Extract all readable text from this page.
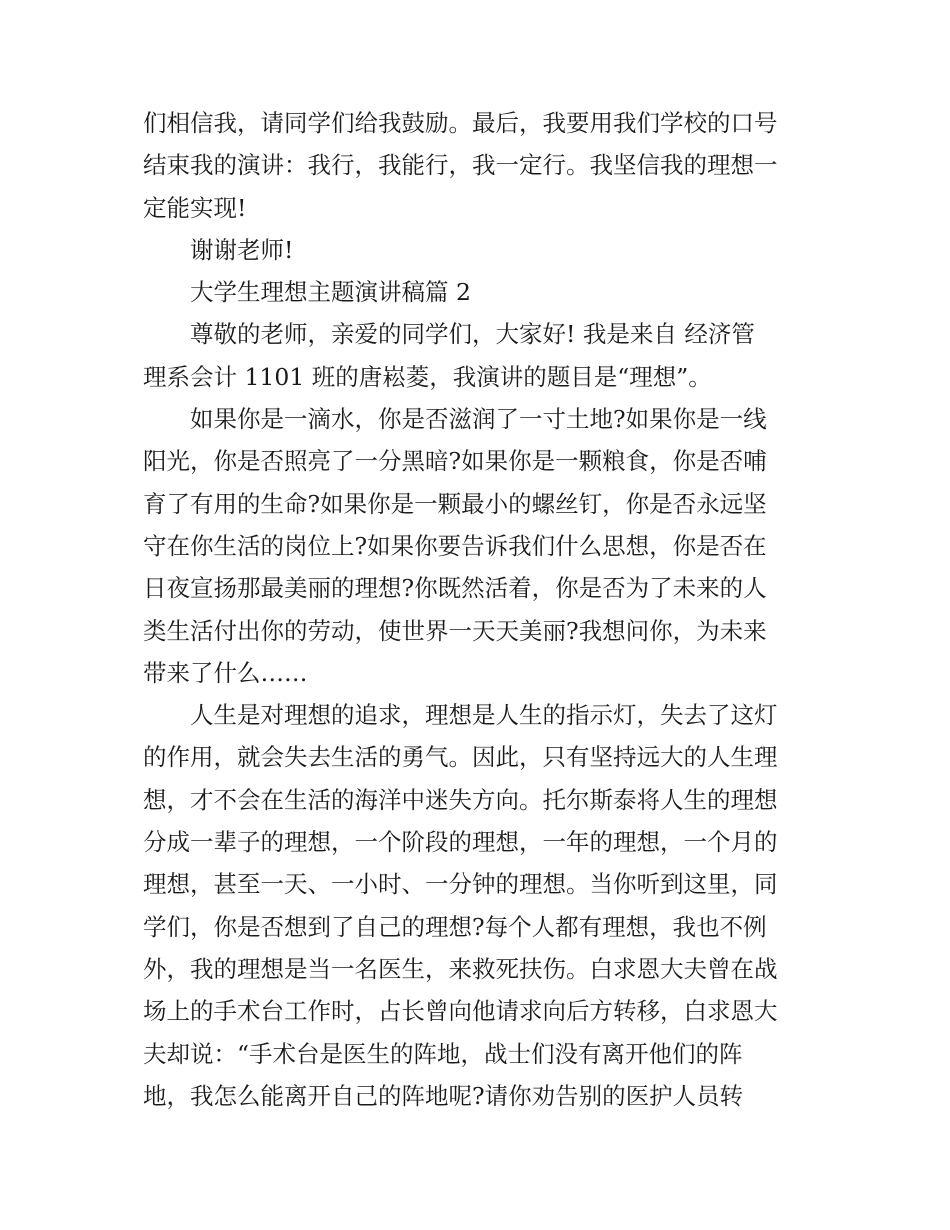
们相信我，请同学们给我鼓励。最后，我要用我们学校的口号
结束我的演讲：我行，我能行，我一定行。我坚信我的理想一
定能实现!
谢谢老师!
大学生理想主题演讲稿篇 2
尊敬的老师，亲爱的同学们，大家好! 我是来自 经济管
理系会计 1101 班的唐崧菱，我演讲的题目是“理想”。
如果你是一滴水，你是否滋润了一寸土地?如果你是一线
阳光，你是否照亮了一分黑暗?如果你是一颗粮食，你是否哺
育了有用的生命?如果你是一颗最小的螺丝钉，你是否永远坚
守在你生活的岗位上?如果你要告诉我们什么思想，你是否在
日夜宣扬那最美丽的理想?你既然活着，你是否为了未来的人
类生活付出你的劳动，使世界一天天美丽?我想问你，为未来
带来了什么……
人生是对理想的追求，理想是人生的指示灯，失去了这灯
的作用，就会失去生活的勇气。因此，只有坚持远大的人生理
想，才不会在生活的海洋中迷失方向。托尔斯泰将人生的理想
分成一辈子的理想，一个阶段的理想，一年的理想，一个月的
理想，甚至一天、一小时、一分钟的理想。当你听到这里，同
学们，你是否想到了自己的理想?每个人都有理想，我也不例
外，我的理想是当一名医生，来救死扶伤。白求恩大夫曾在战
场上的手术台工作时，占长曾向他请求向后方转移，白求恩大
夫却说：“手术台是医生的阵地，战士们没有离开他们的阵
地，我怎么能离开自己的阵地呢?请你劝告别的医护人员转
